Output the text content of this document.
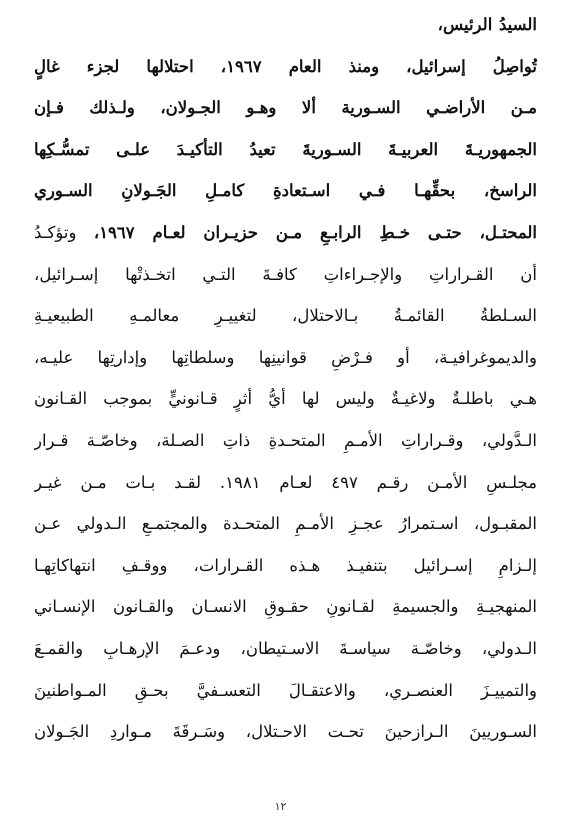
السيدُ الرئيس،
تُواصِلُ إسرائيل، ومنذ العام ١٩٦٧، احتلالها لجزء غالٍ
مـن الأراضـي السـورية ألا وهـو الجـولان، ولـذلك فـإن
الجمهوريـةَ العربيـةَ السـوريةَ تعيدُ التأكيـدَ علـى تمسُّـكِها
الراسخ، بحقِّهـا فـي اسـتعادةِ كامـلِ الجَـولانِ السـوري
المحتـل، حتـى خـطِ الرابـعِ مـن حزيـران لعـام ١٩٦٧، وتؤكـدُ
أن القـراراتِ والإجـراءاتِ كافـةَ التـي اتخـذتْها إسـرائيل،
السـلطةُ القائمـةُ بـالاحتلال، لتغييـرِ معالمـهِ الطبيعيـةِ
والديموغرافيـة، أو فـرْضِ قوانينِها وسلطاتِها وإدارتِها عليـه،
هـي باطلـةٌ ولاغيـةٌ وليس لها أيُّ أثرٍ قـانونيٍّ بموجب القـانون
الـدَّولي، وقـراراتِ الأمـمِ المتحـدةِ ذاتِ الصـلة، وخاصّـة قـرار
مجلـسِ الأمـن رقـم ٤٩٧ لعـام ١٩٨١. لقـد بـات مـن غيـر
المقبـول، اسـتمرارُ عجـزِ الأمـمِ المتحـدة والمجتمـعِ الـدولي عـن
إلـزامِ إسـرائيل بتنفيـذ هـذه القـرارات، ووقـفِ انتهاكاتِهـا
المنهجيـةِ والجسيمةِ لقـانونِ حقـوقِ الانسـان والقـانون الإنسـاني
الـدولي، وخاصّـة سياسـةَ الاسـتيطان، ودعـمَ الإرهـابِ والقمـعَ
والتمييـزَ العنصـري، والاعتقـالَ التعسـفيَّ بحـقِ المـواطنينَ
السـوريينَ الـرازحينَ تحـت الاحـتلال، وسَـرقَةَ مـواردِ الجَـولان
١٢
